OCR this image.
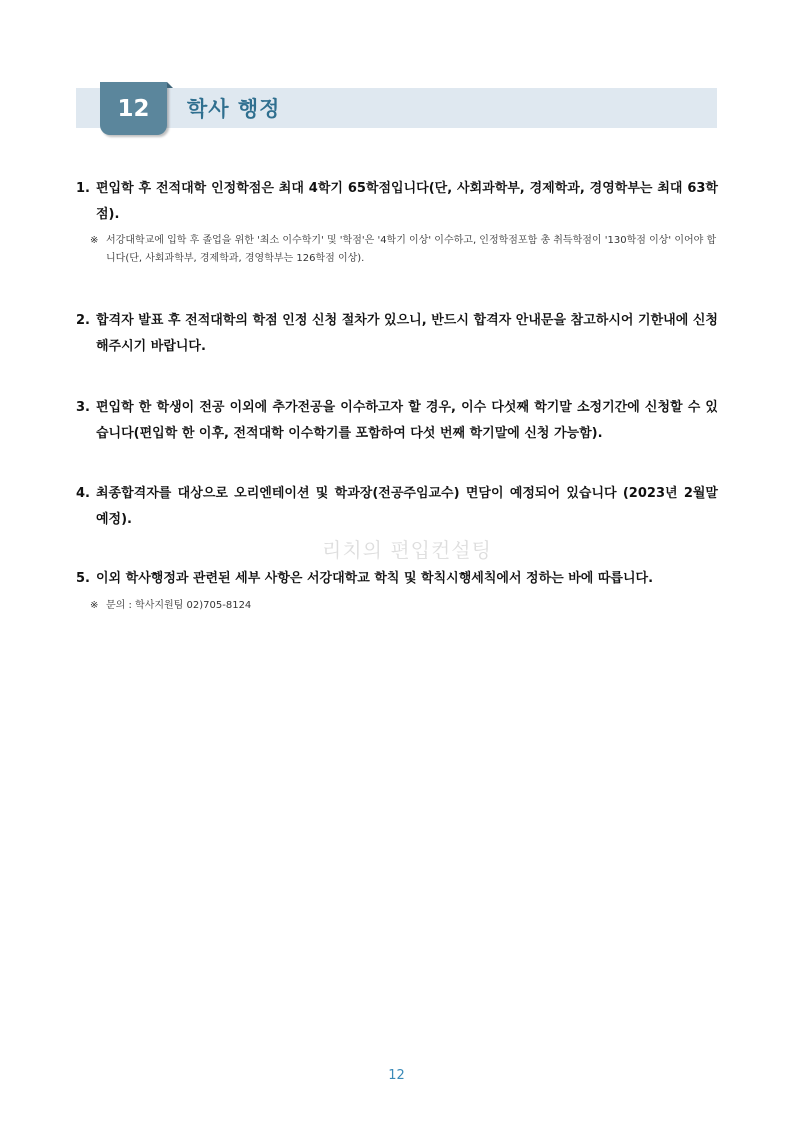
12	학사 행정
1. 편입학 후 전적대학 인정학점은 최대 4학기 65학점입니다(단, 사회과학부, 경제학과, 경영학부는 최대 63학점).
※ 서강대학교에 입학 후 졸업을 위한 '최소 이수학기' 및 '학점'은 '4학기 이상' 이수하고, 인정학점포함 총 취득학점이 '130학점 이상' 이어야 합니다(단, 사회과학부, 경제학과, 경영학부는 126학점 이상).
2. 합격자 발표 후 전적대학의 학점 인정 신청 절차가 있으니, 반드시 합격자 안내문을 참고하시어 기한내에 신청해주시기 바랍니다.
3. 편입학 한 학생이 전공 이외에 추가전공을 이수하고자 할 경우, 이수 다섯째 학기말 소정기간에 신청할 수 있습니다(편입학 한 이후, 전적대학 이수학기를 포함하여 다섯 번째 학기말에 신청 가능함).
4. 최종합격자를 대상으로 오리엔테이션 및 학과장(전공주임교수) 면담이 예정되어 있습니다 (2023년 2월말 예정).
리치의 편입컨설팅
5. 이외 학사행정과 관련된 세부 사항은 서강대학교 학칙 및 학칙시행세칙에서 정하는 바에 따릅니다.
※ 문의 : 학사지원팀 02)705-8124
12
